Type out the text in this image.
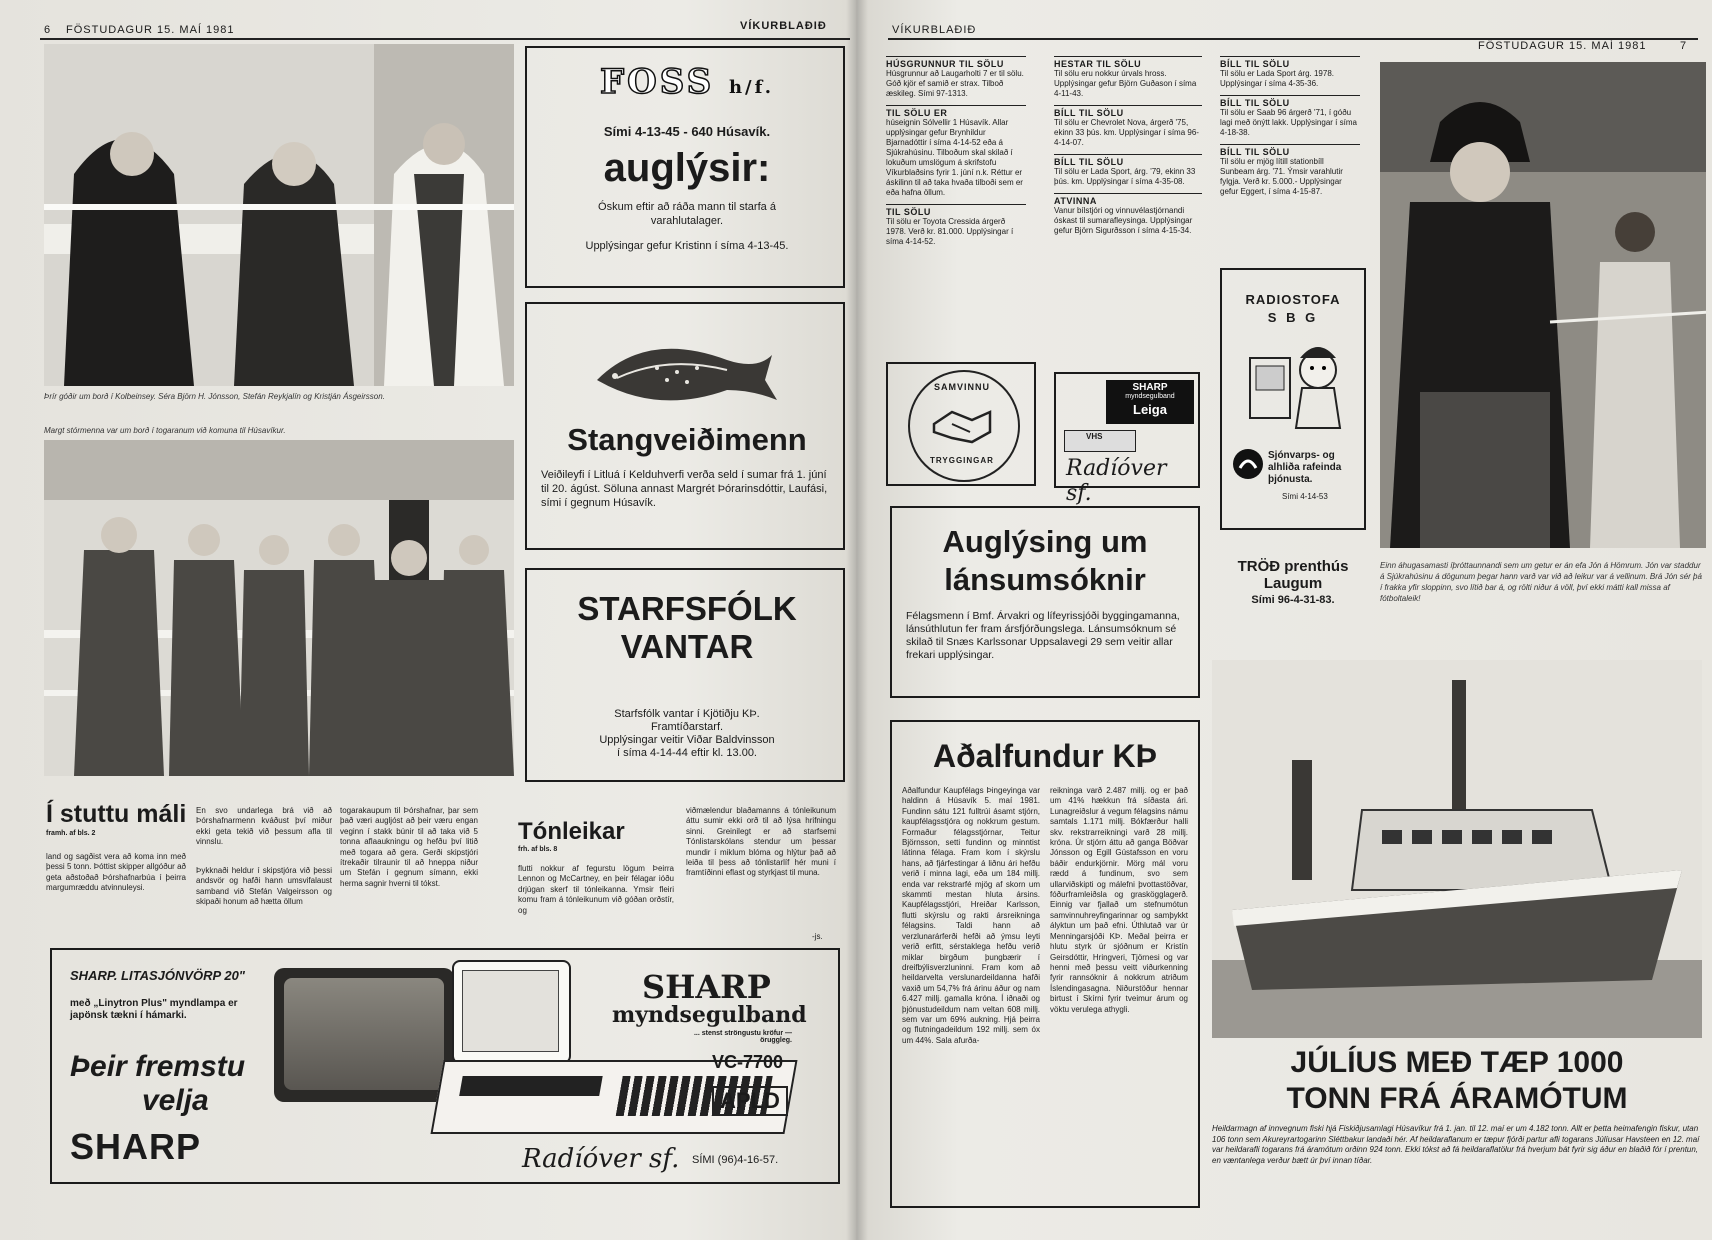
6 FÖSTUDAGUR 15. MAÍ 1981	VÍKURBLAÐIÐ
Þrír góðir um borð í Kolbeinsey. Séra Björn H. Jónsson, Stefán Reykjalín og Kristján Ásgeirsson.
Margt stórmenna var um borð í togaranum við komuna til Húsavíkur.
FOSS h/f.
Sími 4-13-45 - 640 Húsavík.
auglýsir:
Óskum eftir að ráða mann til starfa á varahlutalager.
Upplýsingar gefur Kristinn í síma 4-13-45.
Stangveiðimenn
Veiðileyfi í Litluá í Kelduhverfi verða seld í sumar frá 1. júní til 20. ágúst. Söluna annast Margrét Þórarinsdóttir, Laufási, sími í gegnum Húsavík.
STARFSFÓLK
VANTAR
Starfsfólk vantar í Kjötiðju KÞ.
Framtíðarstarf.
Upplýsingar veitir Viðar Baldvinsson
í síma 4-14-44 eftir kl. 13.00.
Í stuttu máli
framh. af bls. 2
land og sagðist vera að koma inn með þessi 5 tonn. Þóttist skipper allgóður að geta aðstoðað Þórshafnarbúa í þeirra margumræddu atvinnuleysi.
En svo undarlega brá við að Þórshafnarmenn kváðust því miður ekki geta tekið við þessum afla til vinnslu.
Þykknaði heldur í skipstjóra við þessi andsvör og hafði hann umsvifalaust samband við Stefán Valgeirsson og skipaði honum að hætta öllum
togarakaupum til Þórshafnar, þar sem það væri augljóst að þeir væru engan veginn í stakk búnir til að taka við 5 tonna aflaaukningu og hefðu því litið með togara að gera. Gerði skipstjóri ítrekaðir tilraunir til að hneppa niður um Stefán í gegnum símann, ekki herma sagnir hverni til tókst.
Tónleikar
frh. af bls. 8
flutti nokkur af fegurstu lögum Þeirra Lennon og McCartney, en þeir félagar ióðu drjúgan skerf til tónleikanna. Ymsir fleiri komu fram á tónleikunum við góðan orðstír, og
viðmælendur blaðamanns á tónleikunum áttu sumir ekki orð til að lýsa hrifningu sinni. Greinilegt er að starfsemi Tónlistarskólans stendur um þessar mundir í miklum blóma og hlýtur það að leiða til þess að tónlistarlíf hér muni í framtíðinni eflast og styrkjast til muna.
-js.
SHARP. LITASJÓNVÖRP 20"
með „Linytron Plus" myndlampa er japönsk tækni í hámarki.
Þeir fremstu
velja
SHARP
SHARP
myndsegulband
... stenst ströngustu kröfur — öruggleg.
VC-7700
APLD
Radíóver sf. SÍMI (96)4-16-57.
VÍKURBLAÐIÐ
FÖSTUDAGUR 15. MAÍ 1981	7
HÚSGRUNNUR TIL SÖLU
Húsgrunnur að Laugarholti 7 er til sölu. Góð kjör ef samið er strax. Tilboð æskileg. Sími 97-1313.
TIL SÖLU ER
húseignin Sólvellir 1 Húsavík. Allar upplýsingar gefur Brynhildur Bjarnadóttir í síma 4-14-52 eða á Sjúkrahúsinu. Tilboðum skal skilað í lokuðum umslögum á skrifstofu Víkurblaðsins fyrir 1. júní n.k. Réttur er áskilinn til að taka hvaða tilboði sem er eða hafna öllum.
TIL SÖLU
Til sölu er Toyota Cressida árgerð 1978. Verð kr. 81.000. Upplýsingar í síma 4-14-52.
HESTAR TIL SÖLU
Til sölu eru nokkur úrvals hross. Upplýsingar gefur Björn Guðason í síma 4-11-43.
BÍLL TIL SÖLU
Til sölu er Chevrolet Nova, árgerð '75, ekinn 33 þús. km. Upplýsingar í síma 96-4-14-07.
BÍLL TIL SÖLU
Til sölu er Lada Sport, árg. '79, ekinn 33 þús. km. Upplýsingar í síma 4-35-08.
ATVINNA
Vanur bílstjóri og vinnuvélastjórnandi óskast til sumarafleysinga. Upplýsingar gefur Björn Sigurðsson í síma 4-15-34.
BÍLL TIL SÖLU
Til sölu er Lada Sport árg. 1978. Upplýsingar í síma 4-35-36.
BÍLL TIL SÖLU
Til sölu er Saab 96 árgerð '71, í góðu lagi með önýtt lakk. Upplýsingar í síma 4-18-38.
BÍLL TIL SÖLU
Til sölu er mjög lítill stationbíll Sunbeam árg. '71. Ýmsir varahlutir fylgja. Verð kr. 5.000.- Upplýsingar gefur Eggert, í síma 4-15-87.
SAMVINNU
TRYGGINGAR
SHARP
myndsegulband
Leiga
VHS
Radíóver sf.
RADIOSTOFA
S B G
Sjónvarps- og
alhliða rafeinda
þjónusta.
Sími 4-14-53
TRÖÐ prenthús
Laugum
Sími 96-4-31-83.
Auglýsing um
lánsumsóknir
Félagsmenn í Bmf. Árvakri og lífeyrissjóði byggingamanna, lánsúthlutun fer fram ársfjórðungslega. Lánsumsóknum sé skilað til Snæs Karlssonar Uppsalavegi 29 sem veitir allar frekari upplýsingar.
Aðalfundur KÞ
Aðalfundur Kaupfélags Þingeyinga var haldinn á Húsavík 5. maí 1981. Fundinn sátu 121 fulltrúi ásamt stjórn, kaupfélagsstjóra og nokkrum gestum. Formaður félagsstjórnar, Teitur Björnsson, setti fundinn og minntist látinna félaga. Fram kom í skýrslu hans, að fjárfestingar á liðnu ári hefðu verið í minna lagi, eða um 184 millj. enda var rekstrarfé mjög af skorn um skammti mestan hluta ársins. Kaupfélagsstjóri, Hreiðar Karlsson, flutti skýrslu og rakti ársreikninga félagsins. Taldi hann að verzlunarárferði hefði að ýmsu leyti verið erfitt, sérstaklega hefðu verið miklar birgðum þungbærir í dreifbýlisverzluninni. Fram kom að heildarvelta verslunardeildanna hafði vaxið um 54,7% frá árinu áður og nam 6.427 millj. gamalla króna. Í iðnaði og þjónustudeildum nam veltan 608 millj. sem var um 69% aukning. Hjá þeirra og flutningadeildum 192 millj. sem óx um 44%. Sala afurða-
reikninga varð 2.487 millj. og er það um 41% hækkun frá síðasta ári. Lunagreiðslur á vegum félagsins námu samtals 1.171 millj. Bókfærður halli skv. rekstrarreikningi varð 28 millj. króna. Úr stjórn áttu að ganga Böðvar Jónsson og Egill Gústafsson en voru báðir endurkjörnir. Mörg mál voru rædd á fundinum, svo sem ullarviðskipti og málefni þvottastöðvar, fóðurframleiðsla og graskögglagerð. Einnig var fjallað um stefnumótun samvinnuhreyfingarinnar og samþykkt ályktun um það efni. Úthlutað var úr Menningarsjóði KÞ. Meðal þeirra er hlutu styrk úr sjóðnum er Kristín Geirsdóttir, Hringveri, Tjörnesi og var henni með þessu veitt viðurkenning fyrir rannsóknir á nokkrum atriðum Íslendingasagna. Niðurstöður hennar birtust í Skírni fyrir tveimur árum og vöktu verulega athygli.
Einn áhugasamasti íþróttaunnandi sem um getur er án efa Jón á Hömrum. Jón var staddur á Sjúkrahúsinu á dögunum þegar hann varð var við að leikur var á vellinum. Brá Jón sér þá í frakka yfir sloppinn, svo lítið bar á, og rölti niður á völl, því ekki mátti kall missa af fótboltaleik!
JÚLÍUS MEÐ TÆP 1000
TONN FRÁ ÁRAMÓTUM
Heildarmagn af innvegnum fiski hjá Fiskiðjusamlagi Húsavíkur frá 1. jan. til 12. maí er um 4.182 tonn. Allt er þetta heimafengin fiskur, utan 106 tonn sem Akureyrartogarinn Sléttbakur landaði hér. Af heildaraflanum er tæpur fjórði partur afli togarans Júlíusar Havsteen en 12. maí var heildarafli togarans frá áramótum orðinn 924 tonn. Ekki tókst að fá heildaraflatölur frá hverjum bát fyrir sig áður en blaðið fór í prentun, en væntanlega verður bætt úr því innan tíðar.
